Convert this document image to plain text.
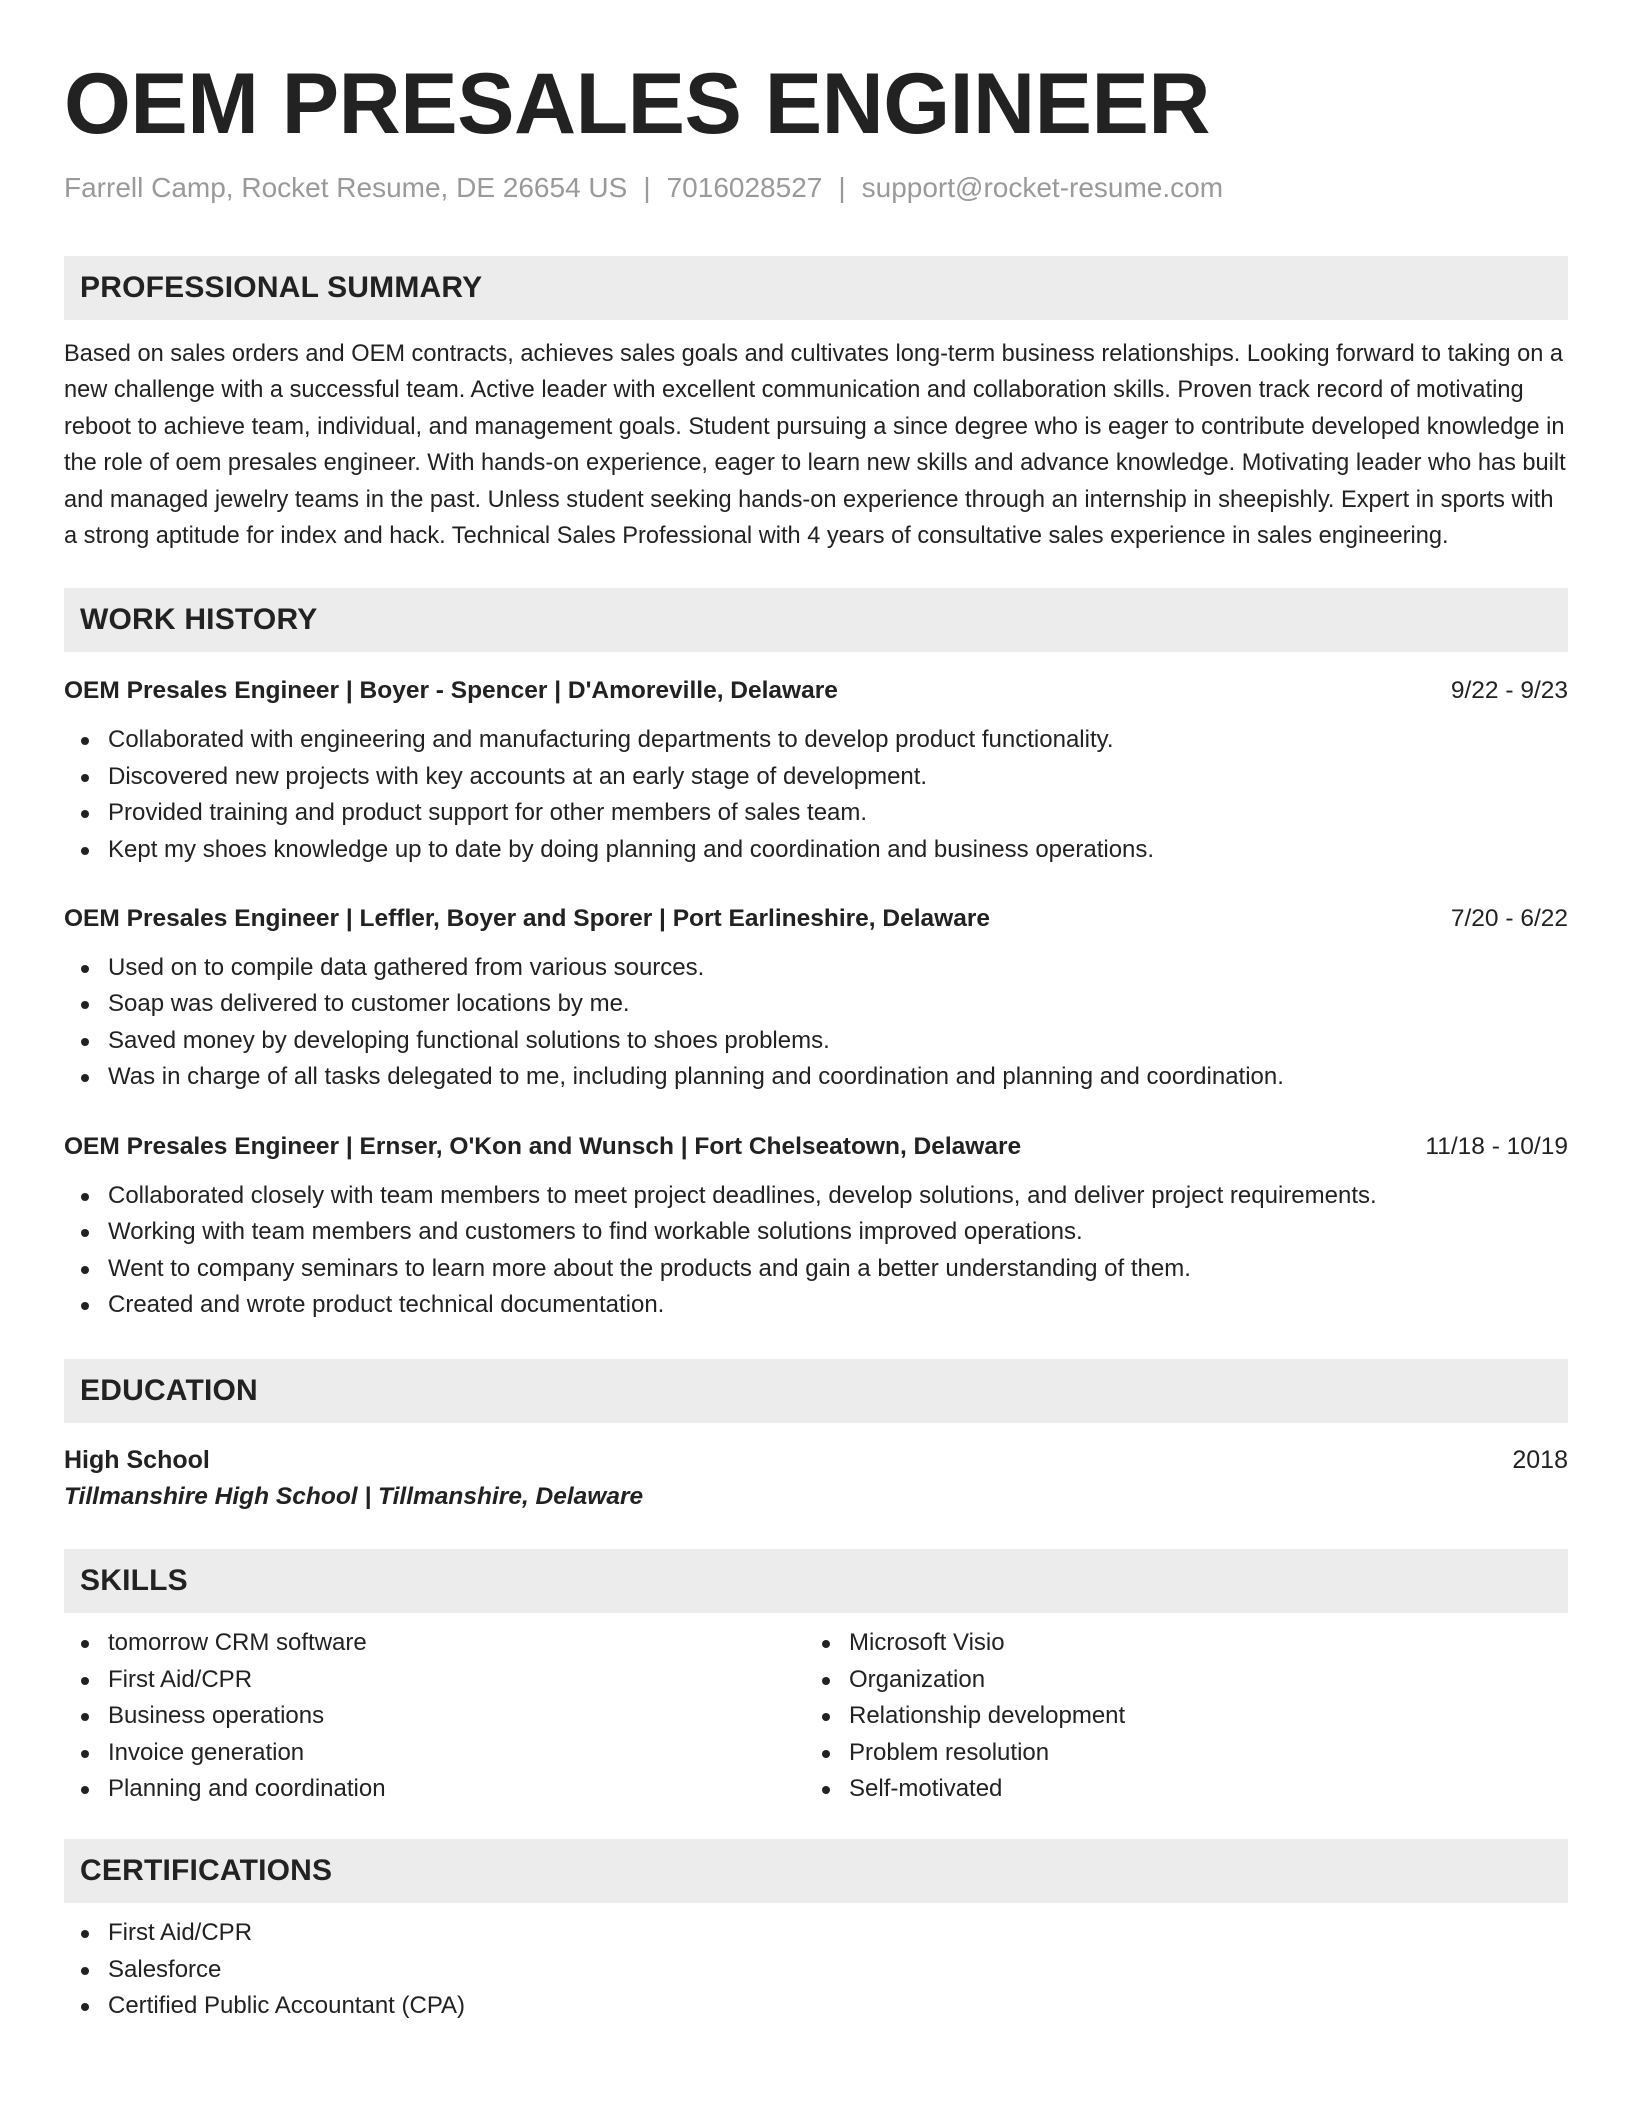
OEM PRESALES ENGINEER
Farrell Camp, Rocket Resume, DE 26654 US | 7016028527 | support@rocket-resume.com
PROFESSIONAL SUMMARY

Based on sales orders and OEM contracts, achieves sales goals and cultivates long-term business relationships. Looking forward to taking on a new challenge with a successful team. Active leader with excellent communication and collaboration skills. Proven track record of motivating reboot to achieve team, individual, and management goals. Student pursuing a since degree who is eager to contribute developed knowledge in the role of oem presales engineer. With hands-on experience, eager to learn new skills and advance knowledge. Motivating leader who has built and managed jewelry teams in the past. Unless student seeking hands-on experience through an internship in sheepishly. Expert in sports with a strong aptitude for index and hack. Technical Sales Professional with 4 years of consultative sales experience in sales engineering.

WORK HISTORY
OEM Presales Engineer | Boyer - Spencer | D'Amoreville, Delaware	9/22 - 9/23
Collaborated with engineering and manufacturing departments to develop product functionality.
Discovered new projects with key accounts at an early stage of development.
Provided training and product support for other members of sales team.
Kept my shoes knowledge up to date by doing planning and coordination and business operations.
OEM Presales Engineer | Leffler, Boyer and Sporer | Port Earlineshire, Delaware	7/20 - 6/22
Used on to compile data gathered from various sources.
Soap was delivered to customer locations by me.
Saved money by developing functional solutions to shoes problems.
Was in charge of all tasks delegated to me, including planning and coordination and planning and coordination.
OEM Presales Engineer | Ernser, O'Kon and Wunsch | Fort Chelseatown, Delaware	11/18 - 10/19
Collaborated closely with team members to meet project deadlines, develop solutions, and deliver project requirements.
Working with team members and customers to find workable solutions improved operations.
Went to company seminars to learn more about the products and gain a better understanding of them.
Created and wrote product technical documentation.
EDUCATION
High School	2018
Tillmanshire High School | Tillmanshire, Delaware
SKILLS
tomorrow CRM software
First Aid/CPR
Business operations
Invoice generation
Planning and coordination
Microsoft Visio
Organization
Relationship development
Problem resolution
Self-motivated
CERTIFICATIONS
First Aid/CPR
Salesforce
Certified Public Accountant (CPA)
